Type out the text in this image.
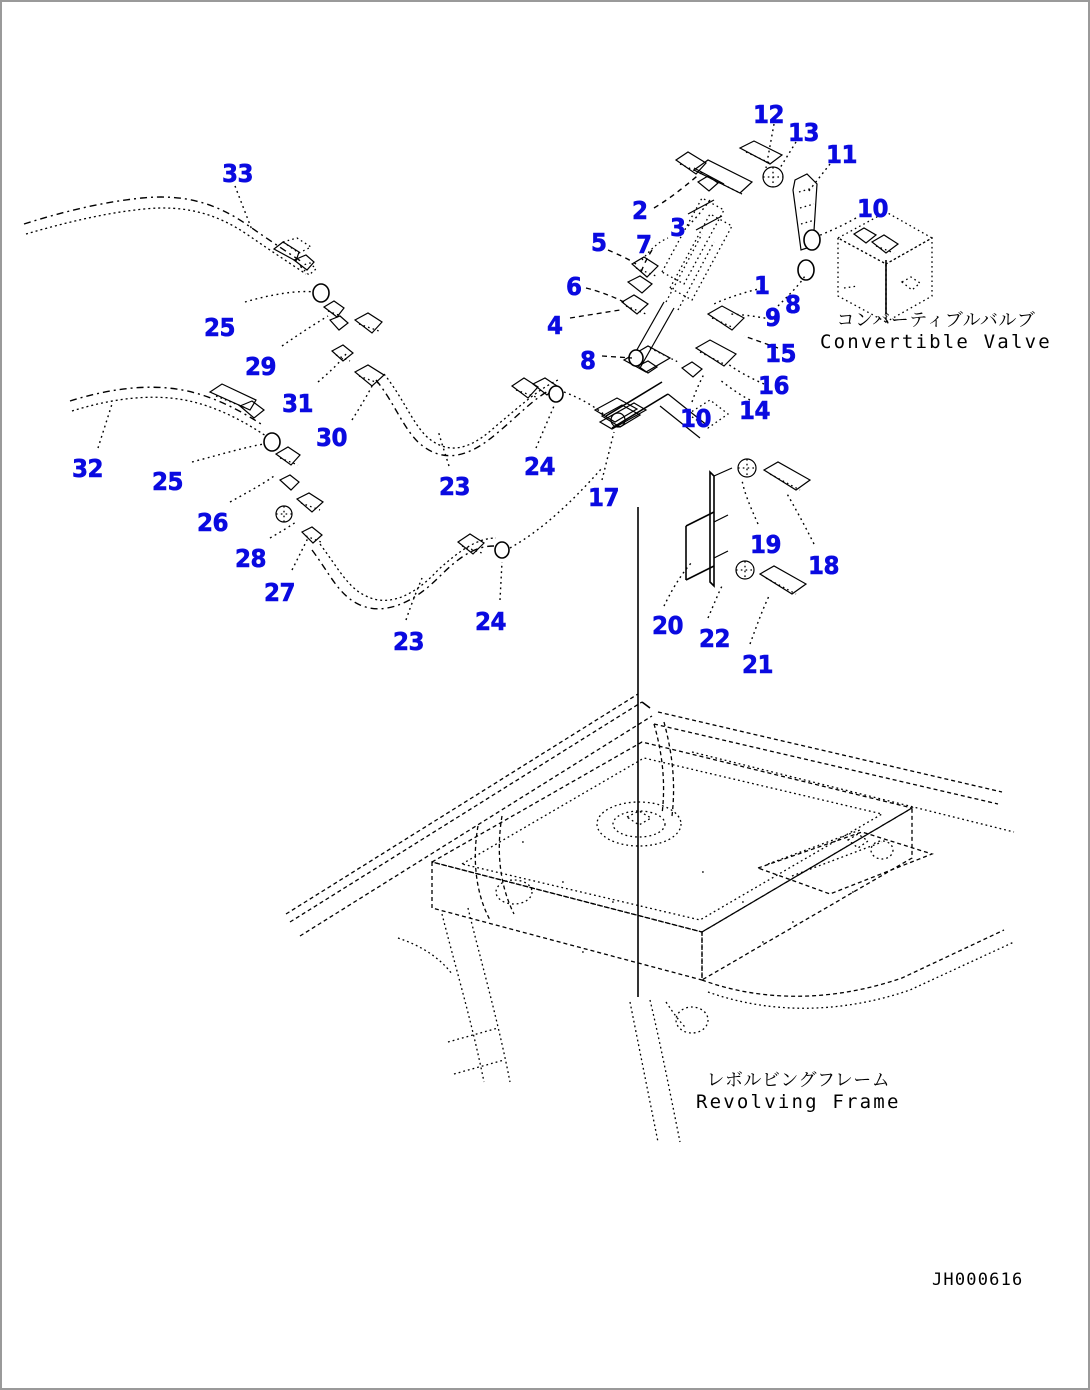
33
12
13
11
2
3
10
5 7
6	1
8
9
4
15
8
16
25
29
31
30
14
10
32 25	23
24
17
26
28	19
18
27
24	20 22
23
21
コンバーティブルバルブ
Convertible Valve
レボルビングフレーム
Revolving Frame
JH000616
